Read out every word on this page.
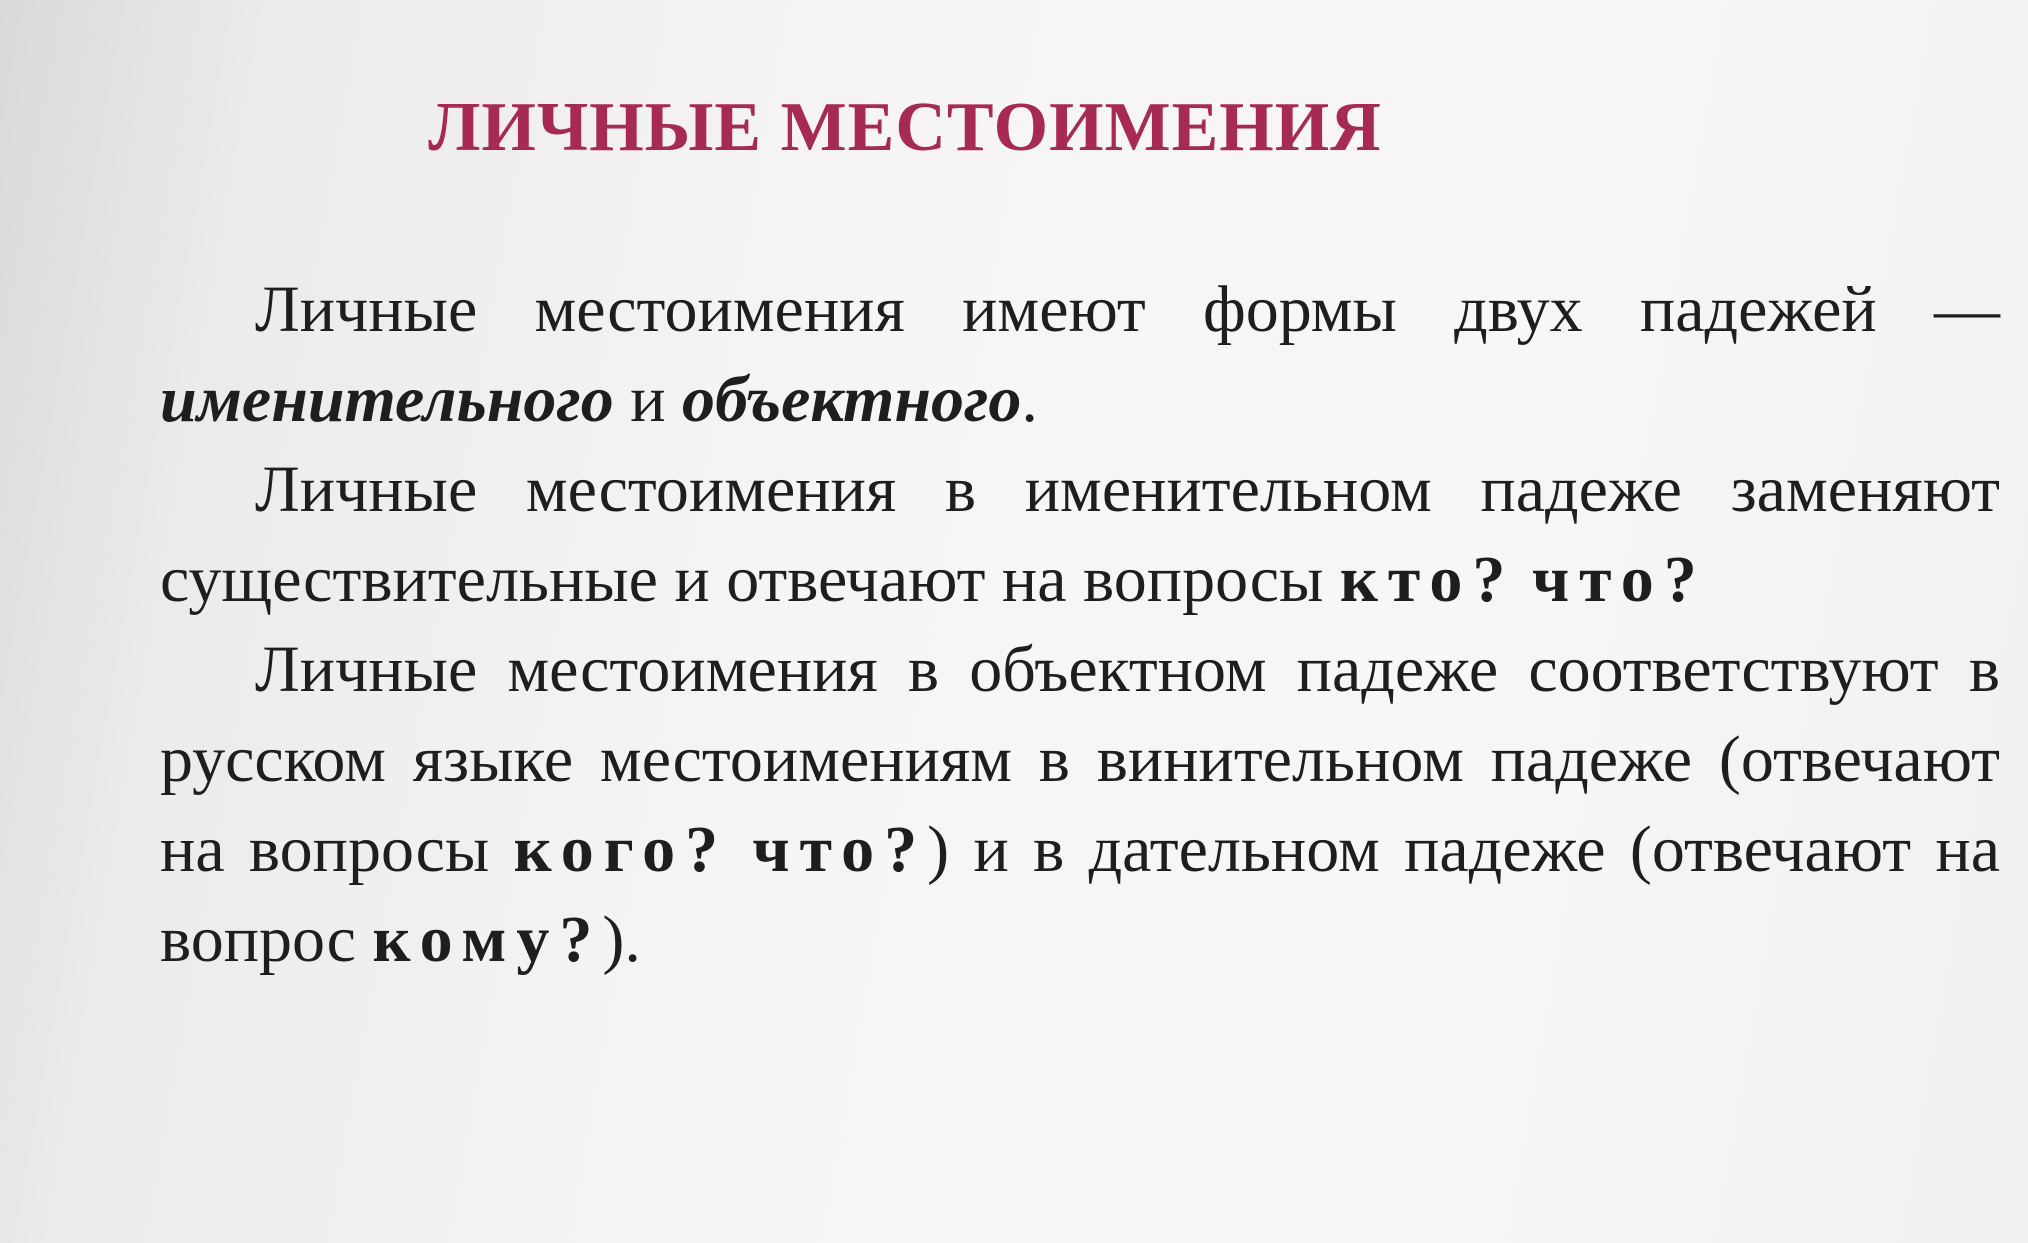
ЛИЧНЫЕ МЕСТОИМЕНИЯ

Личные местоимения имеют формы двух падежей — именительного и объектного.

Личные местоимения в именительном падеже заменяют существительные и отвечают на вопросы кто? что?

Личные местоимения в объектном падеже соответствуют в русском языке местоимениям в винительном падеже (отвечают на вопросы кого? что?) и в дательном падеже (отвечают на вопрос кому?).
